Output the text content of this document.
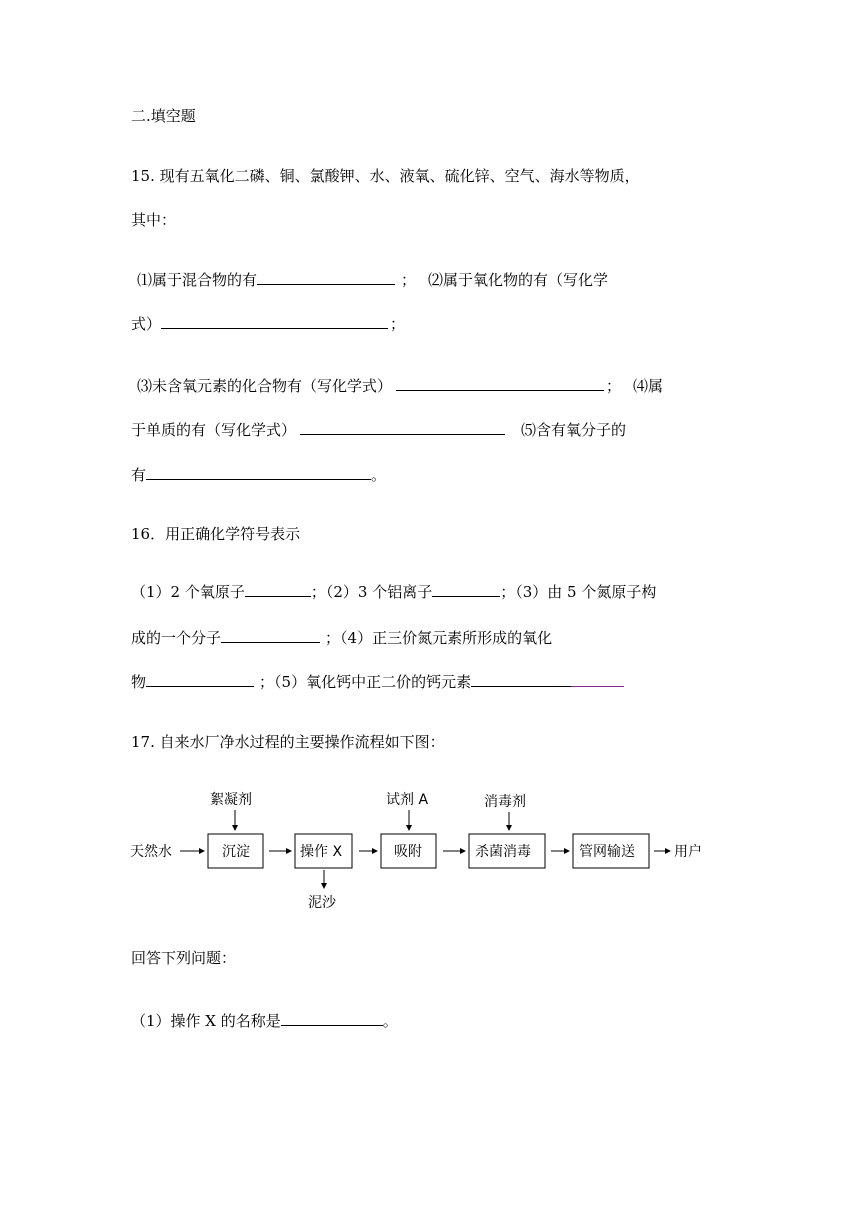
二.填空题
15. 现有五氧化二磷、铜、氯酸钾、水、液氧、硫化锌、空气、海水等物质，
其中：
⑴属于混合物的有	； ⑵属于氧化物的有（写化学
式）	；
⑶未含氧元素的化合物有（写化学式）	； ⑷属
于单质的有（写化学式）	⑸含有氧分子的
有	。
16．用正确化学符号表示
（1）2 个氧原子	；（2）3 个铝离子	；（3）由 5 个氮原子构
成的一个分子	；（4）正三价氮元素所形成的氧化
物	；（5）氧化钙中正二价的钙元素
17. 自来水厂净水过程的主要操作流程如下图：
天然水	沉淀	操作 X	吸附	杀菌消毒	管网输送	用户
絮凝剂	试剂 A	消毒剂
泥沙
回答下列问题：
（1）操作 X 的名称是	。
